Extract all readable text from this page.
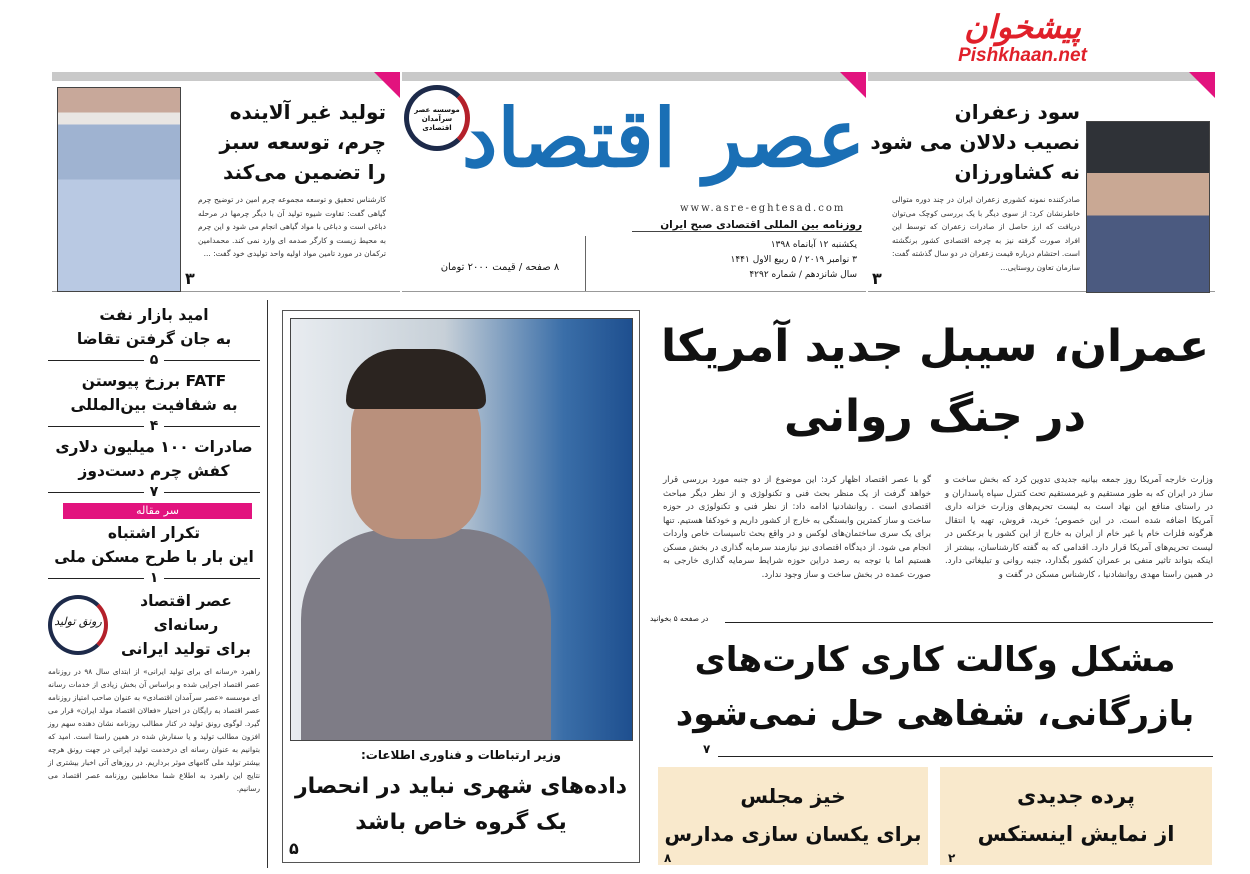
پیشخوان
Pishkhaan.net
تولید غیر آلاینده
چرم، توسعه سبز
را تضمین می‌کند
کارشناس تحقیق و توسعه مجموعه چرم امین در توضیح چرم گیاهی گفت: تفاوت شیوه تولید آن با دیگر چرمها در مرحله دباغی است و دباغی با مواد گیاهی انجام می شود و این چرم به محیط زیست و کارگر صدمه ای وارد نمی کند. محمدامین ترکمان در مورد تامین مواد اولیه واحد تولیدی خود گفت: ...
۳
موسسه عصر سرآمدان اقتصادی عصر اقتصاد
www.asre-eghtesad.com
روزنامه بین المللی اقتصادی صبح ایران
یکشنبه ۱۲ آبانماه ۱۳۹۸
۳ نوامبر ۲۰۱۹ / ۵ ربیع الاول ۱۴۴۱
سال شانزدهم / شماره ۴۲۹۲
۸ صفحه / قیمت ۲۰۰۰ تومان
سود زعفران
نصیب دلالان می شود
نه کشاورزان
صادرکننده نمونه کشوری زعفران ایران در چند دوره متوالی خاطرنشان کرد: از سوی دیگر با یک بررسی کوچک می‌توان دریافت که ارز حاصل از صادرات زعفران که توسط این افراد صورت گرفته نیز به چرخه اقتصادی کشور برنگشته است. احتشام درباره قیمت زعفران در دو سال گذشته گفت: سازمان تعاون روستایی...
۳
امید بازار نفت
به جان گرفتن تقاضا
۵
FATF برزخ پیوستن
به شفافیت بین‌المللی
۴
صادرات ۱۰۰ میلیون دلاری
کفش چرم دست‌دوز
۷
سر مقاله
تکرار اشتباه
این بار با طرح مسکن ملی
۱
عصر اقتصاد رسانه‌ای
برای تولید ایرانی
رونق تولید
راهبرد «رسانه ای برای تولید ایرانی» از ابتدای سال ۹۸ در روزنامه عصر اقتصاد اجرایی شده و براساس آن بخش زیادی از خدمات رسانه ای موسسه «عصر سرآمدان اقتصادی» به عنوان صاحب امتیاز روزنامه عصر اقتصاد به رایگان در اختیار «فعالان اقتصاد مولد ایران» قرار می گیرد. لوگوی رونق تولید در کنار مطالب روزنامه نشان دهنده سهم روز افزون مطالب تولید و یا سفارش شده در همین راستا است. امید که بتوانیم به عنوان رسانه ای درخدمت تولید ایرانی در جهت رونق هرچه بیشتر تولید ملی گامهای موثر برداریم. در روزهای آتی اخبار بیشتری از نتایج این راهبرد به اطلاع شما مخاطبین روزنامه عصر اقتصاد می رسانیم.
وزیر ارتباطات و فناوری اطلاعات:
داده‌های شهری نباید در انحصار
یک گروه خاص باشد
۵
عمران، سیبل جدید آمریکا
در جنگ روانی
وزارت خارجه آمریکا روز جمعه بیانیه جدیدی تدوین کرد که بخش ساخت و ساز در ایران که به طور مستقیم و غیرمستقیم تحت کنترل سپاه پاسداران و در راستای منافع این نهاد است به لیست تحریم‌های وزارت خزانه داری آمریکا اضافه شده است. در این خصوص؛ خرید، فروش، تهیه یا انتقال هرگونه فلزات خام یا غیر خام از ایران به خارج از این کشور یا برعکس در لیست تحریم‌های آمریکا قرار دارد. اقدامی که به گفته کارشناسان، بیشتر از اینکه بتواند تاثیر منفی بر عمران کشور بگذارد، جنبه روانی و تبلیغاتی دارد. در همین راستا مهدی روانشادنیا ، کارشناس مسکن در گفت و
گو با عصر اقتصاد اظهار کرد: این موضوع از دو جنبه مورد بررسی قرار خواهد گرفت از یک منظر بحث فنی و تکنولوژی و از نظر دیگر مباحث اقتصادی است . روانشادنیا ادامه داد: از نظر فنی و تکنولوژی در حوزه ساخت و ساز کمترین وابستگی به خارج از کشور داریم و خودکفا هستیم. تنها برای یک سری ساختمان‌های لوکس و در واقع بحث تاسیسات خاص واردات انجام می شود. از دیدگاه اقتصادی نیز نیازمند سرمایه گذاری در بخش مسکن هستیم اما با توجه به رصد دراین حوزه شرایط سرمایه گذاری خارجی به صورت عمده در بخش ساخت و ساز وجود ندارد.
در صفحه ۵ بخوانید
مشکل وکالت کاری کارت‌های
بازرگانی، شفاهی حل نمی‌شود
۷
پرده جدیدی
از نمایش اینستکس
۲
خیز مجلس
برای یکسان سازی مدارس
۸
